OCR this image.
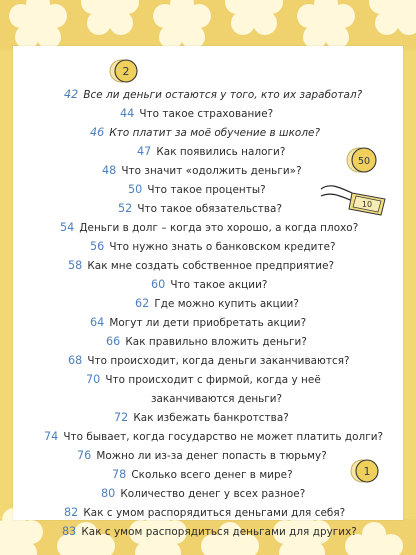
42 Все ли деньги остаются у того, кто их заработал?
44 Что такое страхование?
46 Кто платит за моё обучение в школе?
47 Как появились налоги?
48 Что значит «одолжить деньги»?
50 Что такое проценты?
52 Что такое обязательства?
54 Деньги в долг – когда это хорошо, а когда плохо?
56 Что нужно знать о банковском кредите?
58 Как мне создать собственное предприятие?
60 Что такое акции?
62 Где можно купить акции?
64 Могут ли дети приобретать акции?
66 Как правильно вложить деньги?
68 Что происходит, когда деньги заканчиваются?
70 Что происходит с фирмой, когда у неё
заканчиваются деньги?
72 Как избежать банкротства?
74 Что бывает, когда государство не может платить долги?
76 Можно ли из-за денег попасть в тюрьму?
78 Сколько всего денег в мире?
80 Количество денег у всех разное?
82 Как с умом распорядиться деньгами для себя?
83 Как с умом распорядиться деньгами для других?
2
50
10
1
